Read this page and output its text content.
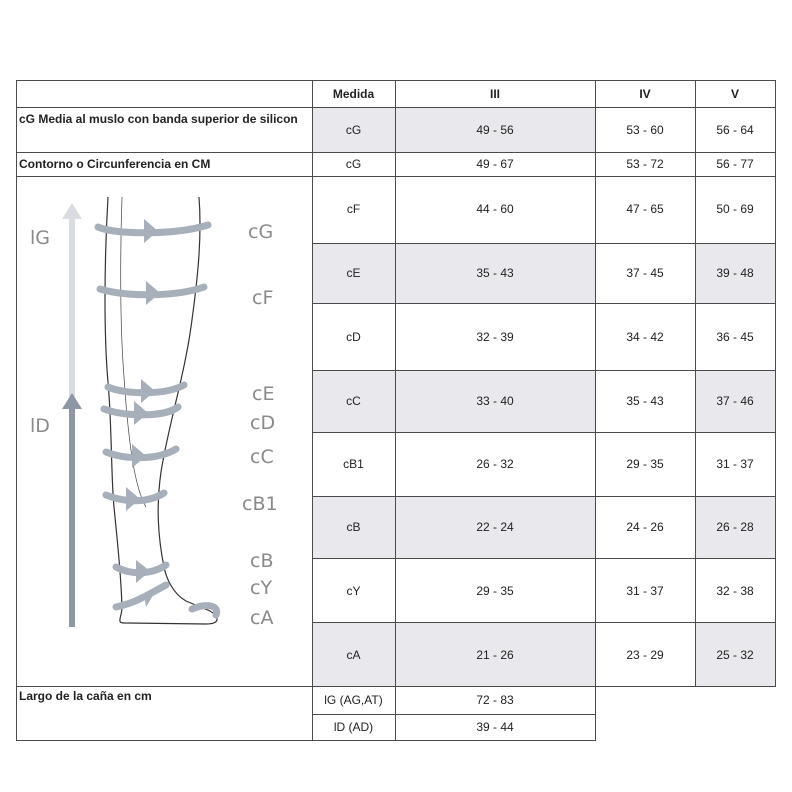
Medida	III	IV	V
cG Media al muslo con banda superior de silicon
cG	49 - 56	53 - 60	56 - 64
Contorno o Circunferencia en CM	cG	49 - 67	53 - 72	56 - 77
cF	44 - 60	47 - 65	50 - 69
cE	35 - 43	37 - 45	39 - 48
cD	32 - 39	34 - 42	36 - 45
cC	33 - 40	35 - 43	37 - 46
cB1	26 - 32	29 - 35	31 - 37
cB	22 - 24	24 - 26	26 - 28
cY	29 - 35	31 - 37	32 - 38
cA	21 - 26	23 - 29	25 - 32
Largo de la caña en cm	lG (AG,AT)	72 - 83
lD (AD)	39 - 44
lG
lD
cG
cF
cE
cD
cC
cB1
cB
cY
cA
